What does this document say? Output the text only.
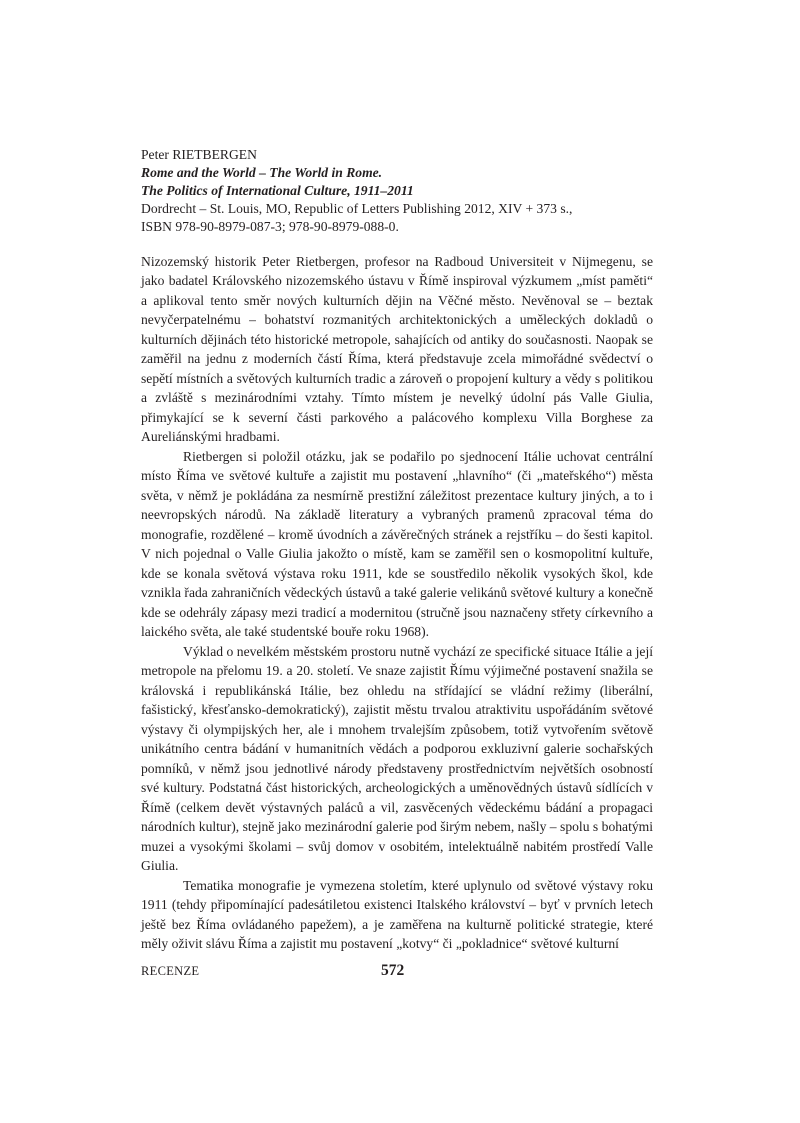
Peter RIETBERGEN

Rome and the World – The World in Rome.

The Politics of International Culture, 1911–2011

Dordrecht – St. Louis, MO, Republic of Letters Publishing 2012, XIV + 373 s.,

ISBN 978-90-8979-087-3; 978-90-8979-088-0.

Nizozemský historik Peter Rietbergen, profesor na Radboud Universiteit v Nijmegenu, se jako badatel Královského nizozemského ústavu v Římě inspiroval výzkumem „míst paměti“ a aplikoval tento směr nových kulturních dějin na Věčné město. Nevěnoval se – beztak nevyčerpatelnému – bohatství rozmanitých architektonických a uměleckých dokladů o kulturních dějinách této historické metropole, sahajících od antiky do současnosti. Naopak se zaměřil na jednu z moderních částí Říma, která představuje zcela mimořádné svědectví o sepětí místních a světových kulturních tradic a zároveň o propojení kultury a vědy s politikou a zvláště s mezinárodními vztahy. Tímto místem je nevelký údolní pás Valle Giulia, přimykající se k severní části parkového a palácového komplexu Villa Borghese za Aureliánskými hradbami.

Rietbergen si položil otázku, jak se podařilo po sjednocení Itálie uchovat centrální místo Říma ve světové kultuře a zajistit mu postavení „hlavního“ (či „mateřského“) města světa, v němž je pokládána za nesmírně prestižní záležitost prezentace kultury jiných, a to i neevropských národů. Na základě literatury a vybraných pramenů zpracoval téma do monografie, rozdělené – kromě úvodních a závěrečných stránek a rejstříku – do šesti kapitol. V nich pojednal o Valle Giulia jakožto o místě, kam se zaměřil sen o kosmopolitní kultuře, kde se konala světová výstava roku 1911, kde se soustředilo několik vysokých škol, kde vznikla řada zahraničních vědeckých ústavů a také galerie velikánů světové kultury a konečně kde se odehrály zápasy mezi tradicí a modernitou (stručně jsou naznačeny střety církevního a laického světa, ale také studentské bouře roku 1968).

Výklad o nevelkém městském prostoru nutně vychází ze specifické situace Itálie a její metropole na přelomu 19. a 20. století. Ve snaze zajistit Římu výjimečné postavení snažila se královská i republikánská Itálie, bez ohledu na střídající se vládní režimy (liberální, fašistický, křesťansko-demokratický), zajistit městu trvalou atraktivitu uspořádáním světové výstavy či olympijských her, ale i mnohem trvalejším způsobem, totiž vytvořením světově unikátního centra bádání v humanitních vědách a podporou exkluzivní galerie sochařských pomníků, v němž jsou jednotlivé národy představeny prostřednictvím největších osobností své kultury. Podstatná část historických, archeologických a uměnovědných ústavů sídlících v Římě (celkem devět výstavných paláců a vil, zasvěcených vědeckému bádání a propagaci národních kultur), stejně jako mezinárodní galerie pod širým nebem, našly – spolu s bohatými muzei a vysokými školami – svůj domov v osobitém, intelektuálně nabitém prostředí Valle Giulia.

Tematika monografie je vymezena stoletím, které uplynulo od světové výstavy roku 1911 (tehdy připomínající padesátiletou existenci Italského království – byť v prvních letech ještě bez Říma ovládaného papežem), a je zaměřena na kulturně politické strategie, které měly oživit slávu Říma a zajistit mu postavení „kotvy“ či „pokladnice“ světové kulturní

RECENZE	572
